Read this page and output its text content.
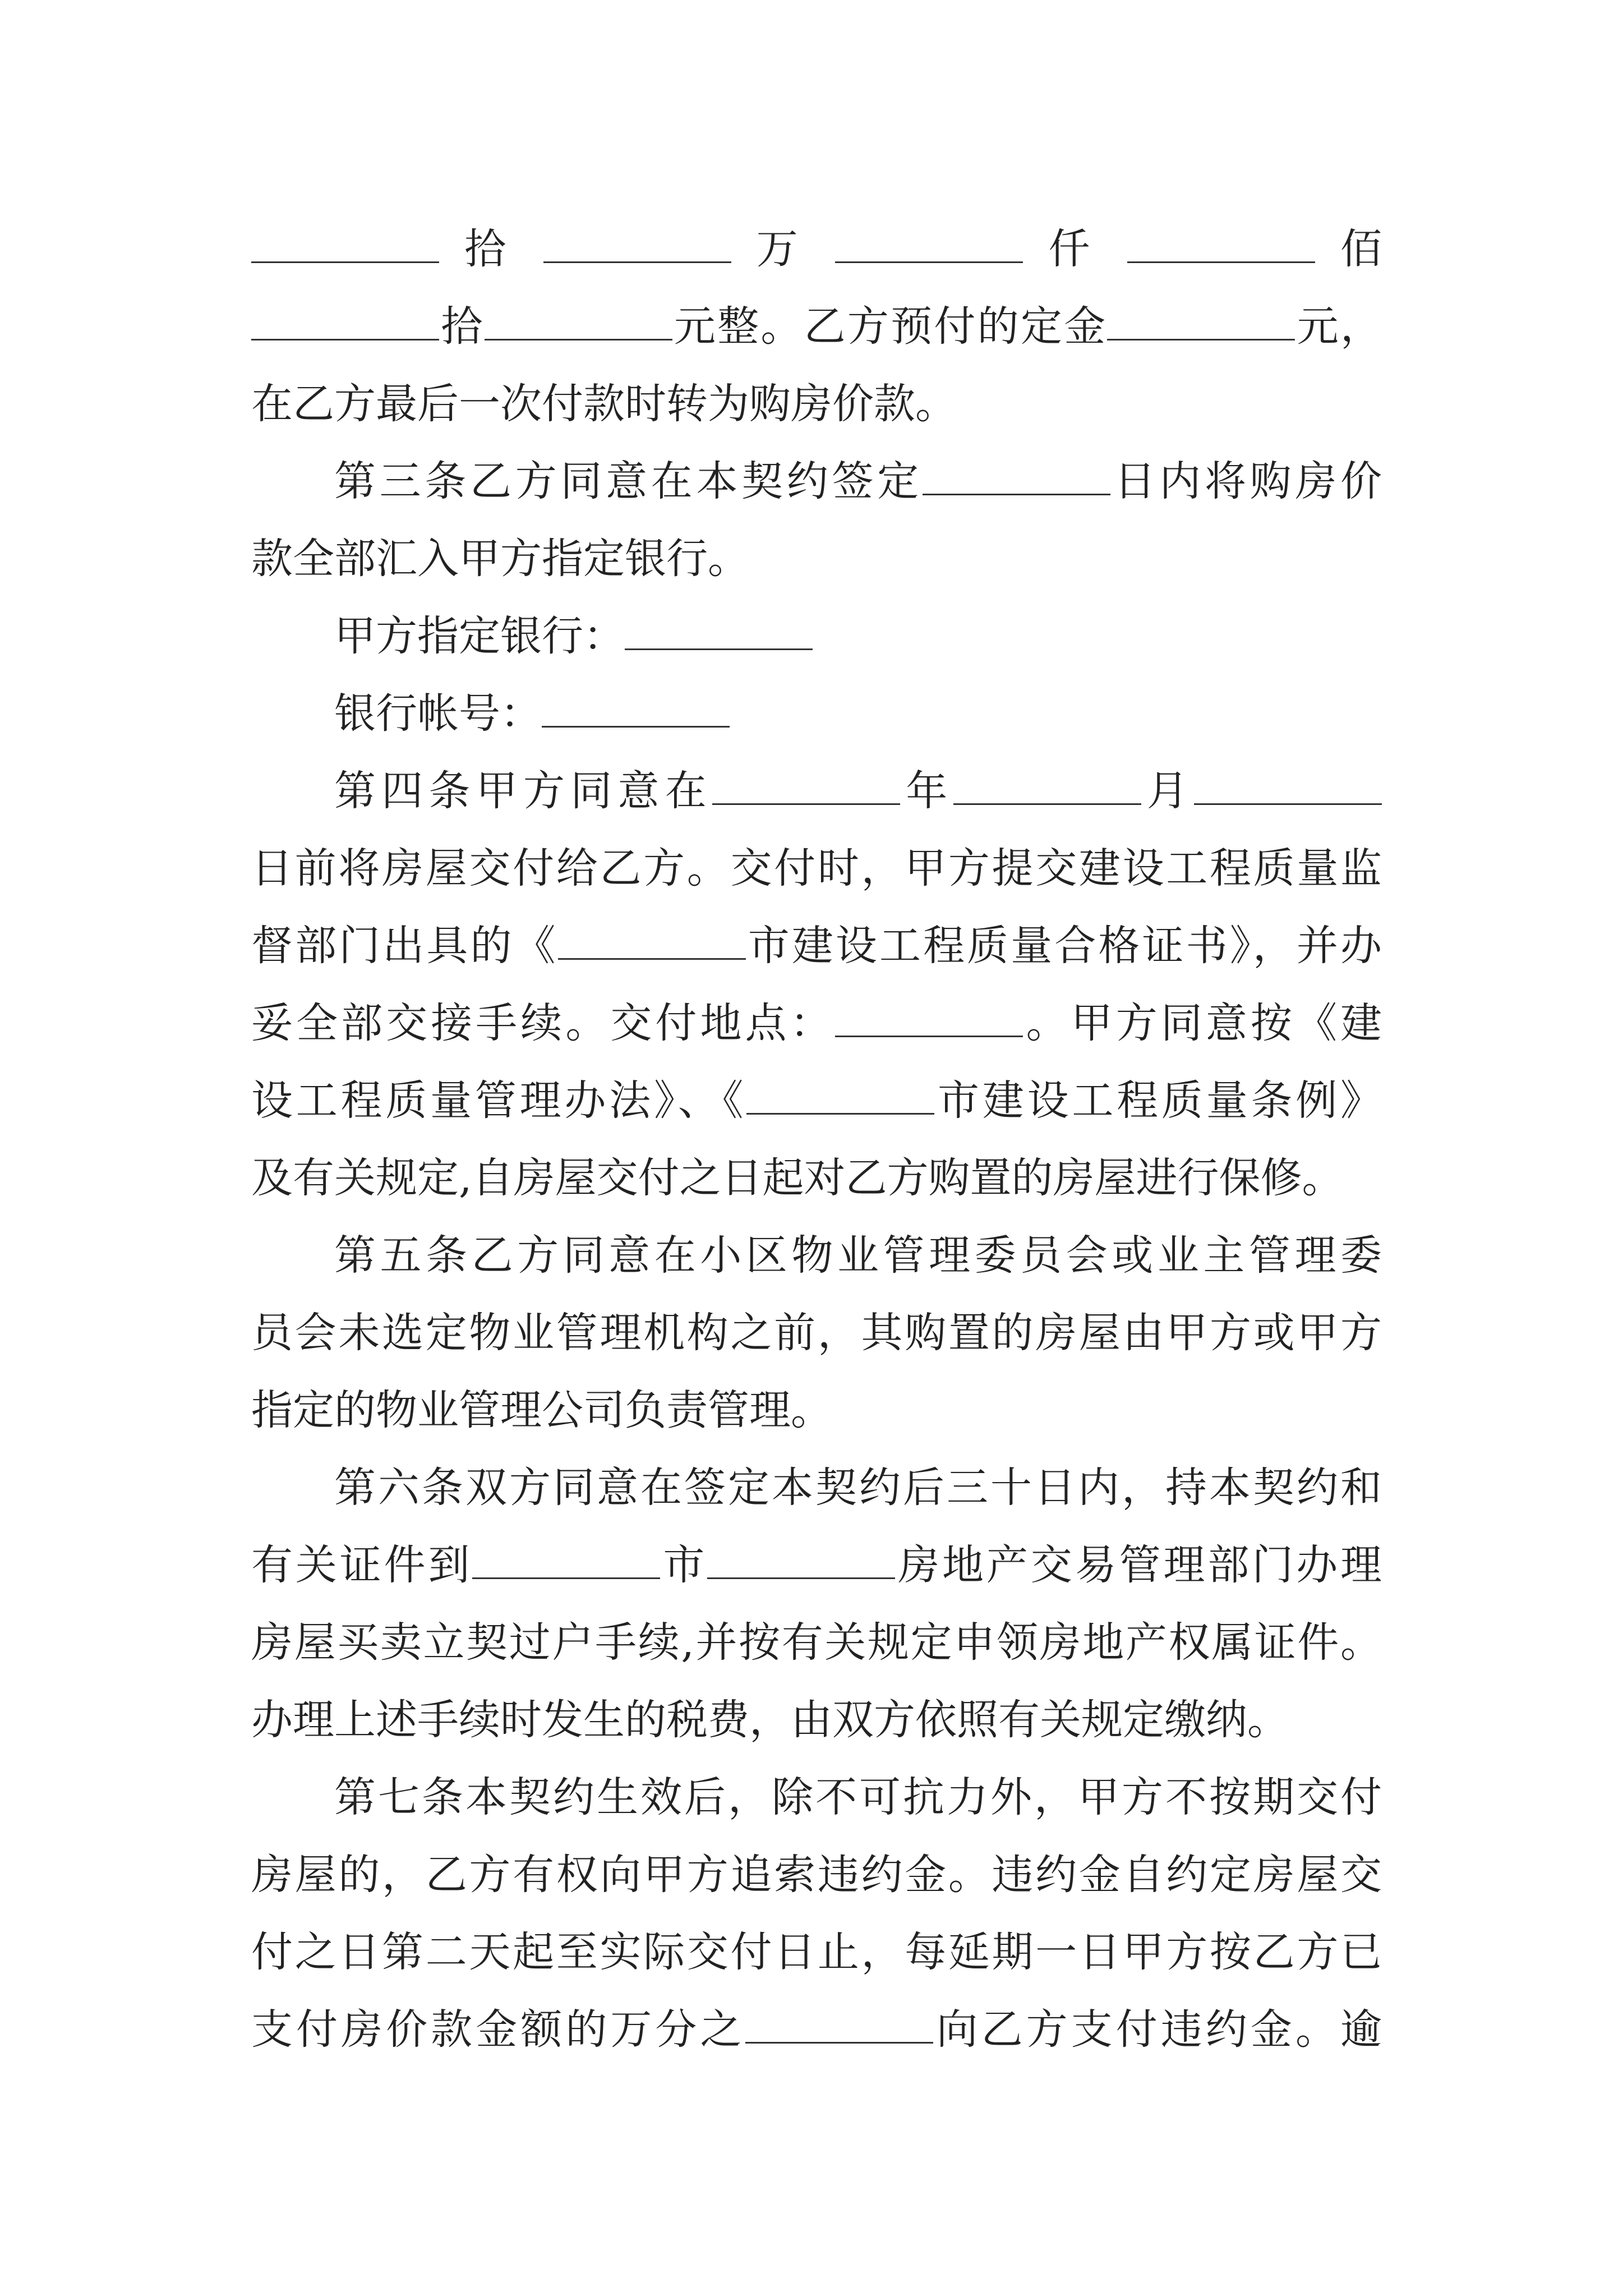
拾	万	仟	佰
拾	元整。乙方预付的定金	元，
在乙方最后一次付款时转为购房价款。
第三条乙方同意在本契约签定	日内将购房价
款全部汇入甲方指定银行。
甲方指定银行：
银行帐号：
第四条甲方同意在	年	月
日前将房屋交付给乙方。交付时，甲方提交建设工程质量监
督部门出具的《	市建设工程质量合格证书》，并办
妥全部交接手续。交付地点：	。甲方同意按《建
设工程质量管理办法》、《	市建设工程质量条例》
及有关规定,自房屋交付之日起对乙方购置的房屋进行保修。
第五条乙方同意在小区物业管理委员会或业主管理委
员会未选定物业管理机构之前，其购置的房屋由甲方或甲方
指定的物业管理公司负责管理。
第六条双方同意在签定本契约后三十日内，持本契约和
有关证件到	市	房地产交易管理部门办理
房屋买卖立契过户手续,并按有关规定申领房地产权属证件。
办理上述手续时发生的税费，由双方依照有关规定缴纳。
第七条本契约生效后，除不可抗力外，甲方不按期交付
房屋的，乙方有权向甲方追索违约金。违约金自约定房屋交
付之日第二天起至实际交付日止，每延期一日甲方按乙方已
支付房价款金额的万分之	向乙方支付违约金。逾
